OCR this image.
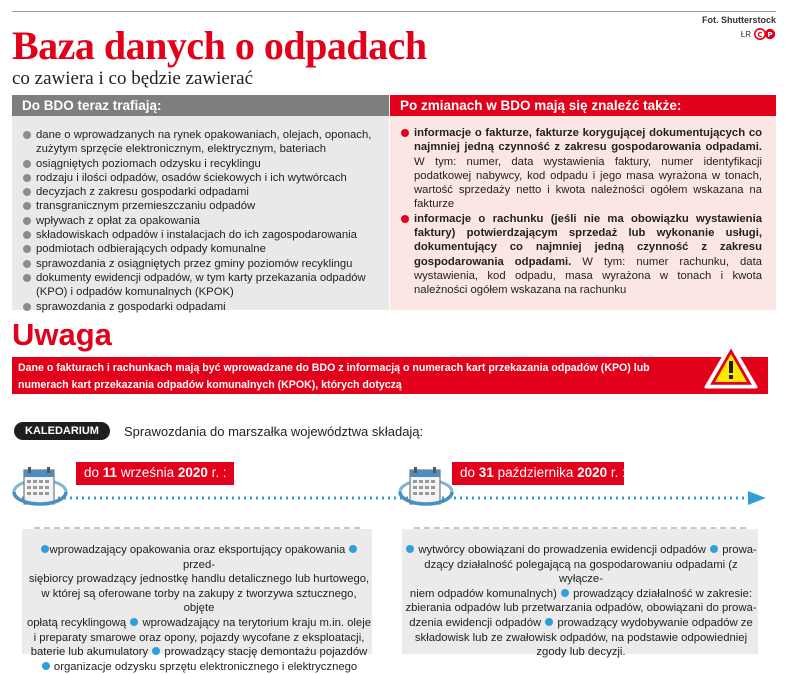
Fot. Shutterstock
ŁR C P
Baza danych o odpadach
co zawiera i co będzie zawierać
Do BDO teraz trafiają:
dane o wprowadzanych na rynek opakowaniach, olejach, oponach, zużytym sprzęcie elektronicznym, elektrycznym, bateriach
osiągniętych poziomach odzysku i recyklingu
rodzaju i ilości odpadów, osadów ściekowych i ich wytwórcach
decyzjach z zakresu gospodarki odpadami
transgranicznym przemieszczaniu odpadów
wpływach z opłat za opakowania
składowiskach odpadów i instalacjach do ich zagospodarowania
podmiotach odbierających odpady komunalne
sprawozdania z osiągniętych przez gminy poziomów recyklingu
dokumenty ewidencji odpadów, w tym karty przekazania odpadów (KPO) i odpadów komunalnych (KPOK)
sprawozdania z gospodarki odpadami
Po zmianach w BDO mają się znaleźć także:
informacje o fakturze, fakturze korygującej dokumentujących co najmniej jedną czynność z zakresu gospodarowania odpadami. W tym: numer, data wystawienia faktury, numer identyfikacji podatkowej nabywcy, kod odpadu i jego masa wyrażona w tonach, wartość sprzedaży netto i kwota należności ogółem wskazana na fakturze
informacje o rachunku (jeśli nie ma obowiązku wystawienia faktury) potwierdzającym sprzedaż lub wykonanie usługi, dokumentujący co najmniej jedną czynność z zakresu gospodarowania odpadami. W tym: numer rachunku, data wystawienia, kod odpadu, masa wyrażona w tonach i kwota należności ogółem wskazana na rachunku
Uwaga
Dane o fakturach i rachunkach mają być wprowadzane do BDO z informacją o numerach kart przekazania odpadów (KPO) lub
numerach kart przekazania odpadów komunalnych (KPOK), których dotyczą
KALEDARIUM	Sprawozdania do marszałka województwa składają:
do 11 września 2020 r. :	do 31 października 2020 r. :
wprowadzający opakowania oraz eksportujący opakowania  przed-
siębiorcy prowadzący jednostkę handlu detalicznego lub hurtowego,
w której są oferowane torby na zakupy z tworzywa sztucznego, objęte
opłatą recyklingową  wprowadzający na terytorium kraju m.in. oleje
i preparaty smarowe oraz opony, pojazdy wycofane z eksploatacji,
baterie lub akumulatory  prowadzący stację demontażu pojazdów
organizacje odzysku sprzętu elektronicznego i elektrycznego
wytwórcy obowiązani do prowadzenia ewidencji odpadów  prowa-
dzący działalność polegającą na gospodarowaniu odpadami (z wyłącze-
niem odpadów komunalnych)  prowadzący działalność w zakresie:
zbierania odpadów lub przetwarzania odpadów, obowiązani do prowa-
dzenia ewidencji odpadów  prowadzący wydobywanie odpadów ze
składowisk lub ze zwałowisk odpadów, na podstawie odpowiedniej
zgody lub decyzji.
